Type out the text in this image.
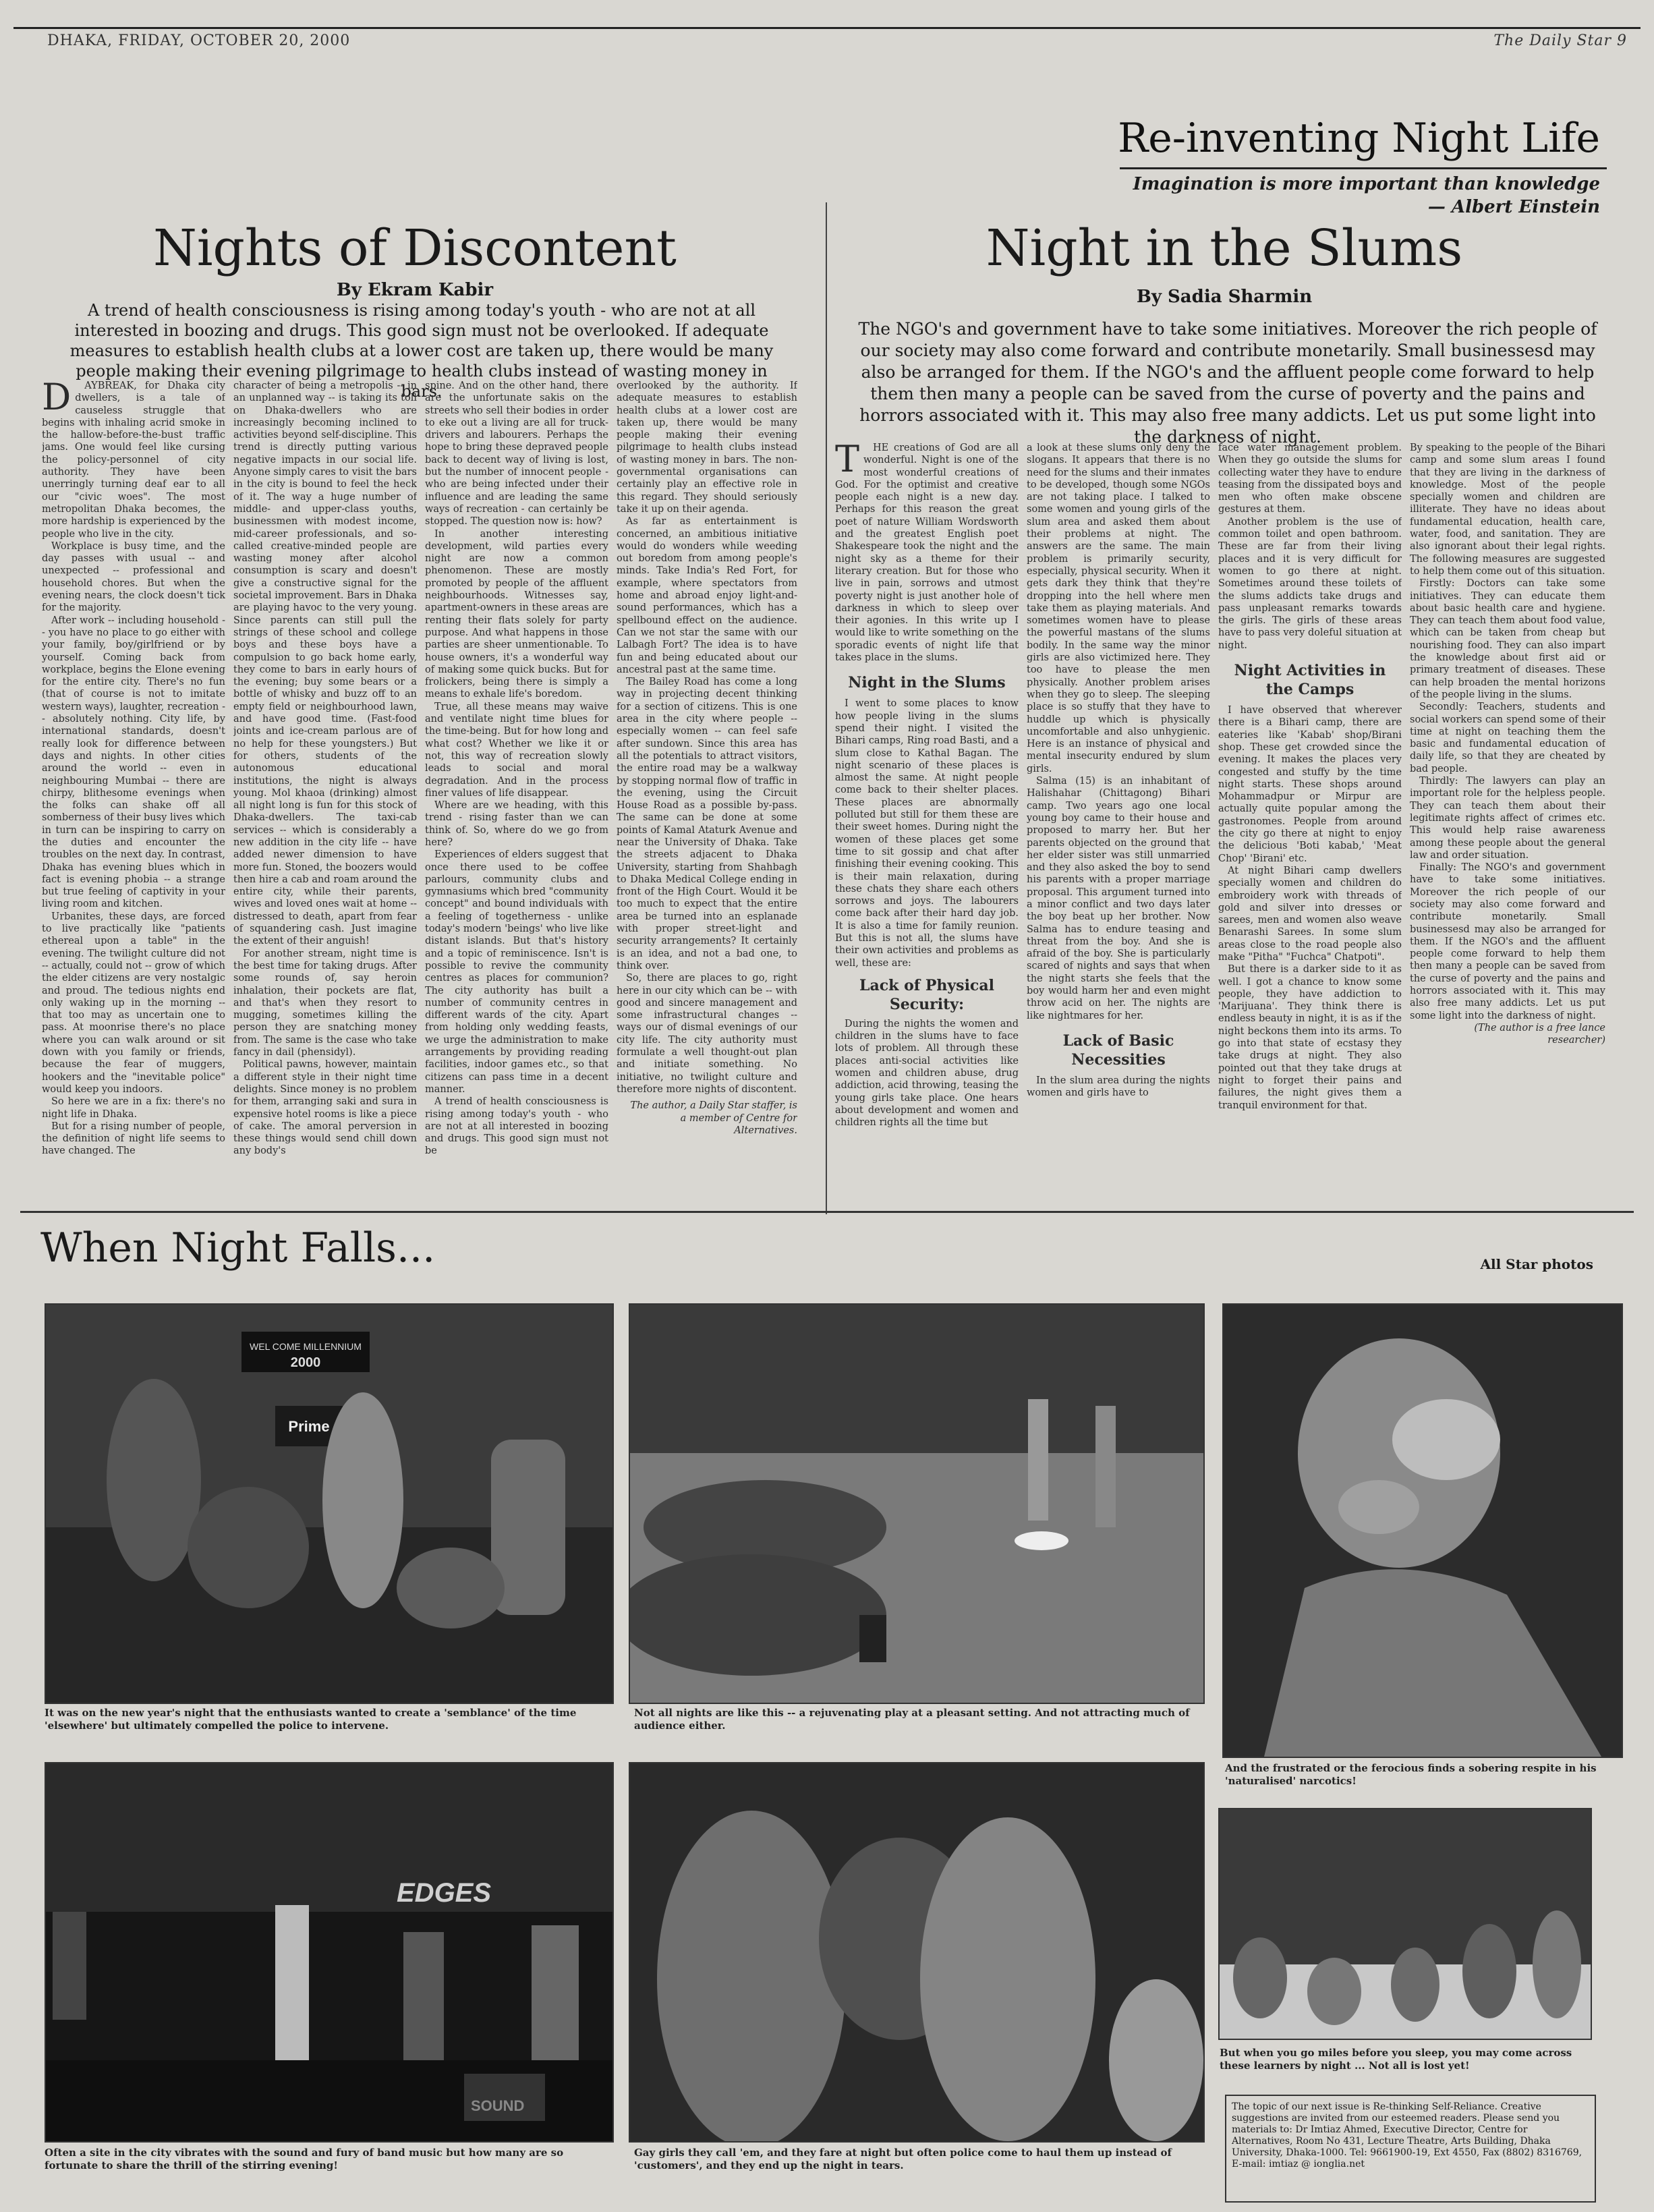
DHAKA, FRIDAY, OCTOBER 20, 2000	The Daily Star 9
Re-inventing Night Life
Imagination is more important than knowledge
— Albert Einstein
Nights of Discontent
By Ekram Kabir
A trend of health consciousness is rising among today's youth - who are not at all interested in boozing and drugs. This good sign must not be overlooked. If adequate measures to establish health clubs at a lower cost are taken up, there would be many people making their evening pilgrimage to health clubs instead of wasting money in bars.
D	AYBREAK, for Dhaka city dwellers, is a tale of causeless struggle that begins with inhaling acrid smoke in the hallow-before-the-bust traffic jams. One would feel like cursing the policy-personnel of city authority. They have been unerringly turning deaf ear to all our "civic woes". The most metropolitan Dhaka becomes, the more hardship is experienced by the people who live in the city.

Workplace is busy time, and the day passes with usual -- and unexpected -- professional and household chores. But when the evening nears, the clock doesn't tick for the majority.

After work -- including household -- you have no place to go either with your family, boy/girlfriend or by yourself. Coming back from workplace, begins the Elone evening for the entire city. There's no fun (that of course is not to imitate western ways), laughter, recreation -- absolutely nothing. City life, by international standards, doesn't really look for difference between days and nights. In other cities around the world -- even in neighbouring Mumbai -- there are chirpy, blithesome evenings when the folks can shake off all somberness of their busy lives which in turn can be inspiring to carry on the duties and encounter the troubles on the next day. In contrast, Dhaka has evening blues which in fact is evening phobia -- a strange but true feeling of captivity in your living room and kitchen.

Urbanites, these days, are forced to live practically like "patients ethereal upon a table" in the evening. The twilight culture did not -- actually, could not -- grow of which the elder citizens are very nostalgic and proud. The tedious nights end only waking up in the morning -- that too may as uncertain one to pass. At moonrise there's no place where you can walk around or sit down with you family or friends, because the fear of muggers, hookers and the "inevitable police" would keep you indoors.

So here we are in a fix: there's no night life in Dhaka.

But for a rising number of people, the definition of night life seems to have changed. The

character of being a metropolis -- in an unplanned way -- is taking its toll on Dhaka-dwellers who are increasingly becoming inclined to activities beyond self-discipline. This trend is directly putting various negative impacts in our social life. Anyone simply cares to visit the bars in the city is bound to feel the heck of it. The way a huge number of middle- and upper-class youths, businessmen with modest income, mid-career professionals, and so-called creative-minded people are wasting money after alcohol consumption is scary and doesn't give a constructive signal for the societal improvement. Bars in Dhaka are playing havoc to the very young. Since parents can still pull the strings of these school and college boys and these boys have a compulsion to go back home early, they come to bars in early hours of the evening; buy some bears or a bottle of whisky and buzz off to an empty field or neighbourhood lawn, and have good time. (Fast-food joints and ice-cream parlous are of no help for these youngsters.) But for others, students of the autonomous educational institutions, the night is always young. Mol khaoa (drinking) almost all night long is fun for this stock of Dhaka-dwellers. The taxi-cab services -- which is considerably a new addition in the city life -- have added newer dimension to have more fun. Stoned, the boozers would then hire a cab and roam around the entire city, while their parents, wives and loved ones wait at home -- distressed to death, apart from fear of squandering cash. Just imagine the extent of their anguish!

For another stream, night time is the best time for taking drugs. After some rounds of, say heroin inhalation, their pockets are flat, and that's when they resort to mugging, sometimes killing the person they are snatching money from. The same is the case who take fancy in dail (phensidyl).

Political pawns, however, maintain a different style in their night time delights. Since money is no problem for them, arranging saki and sura in expensive hotel rooms is like a piece of cake. The amoral perversion in these things would send chill down any body's

spine. And on the other hand, there are the unfortunate sakis on the streets who sell their bodies in order to eke out a living are all for truck-drivers and labourers. Perhaps the hope to bring these depraved people back to decent way of living is lost, but the number of innocent people - who are being infected under their influence and are leading the same ways of recreation - can certainly be stopped. The question now is: how?

In another interesting development, wild parties every night are now a common phenomenon. These are mostly promoted by people of the affluent neighbourhoods. Witnesses say, apartment-owners in these areas are renting their flats solely for party purpose. And what happens in those parties are sheer unmentionable. To house owners, it's a wonderful way of making some quick bucks. But for frolickers, being there is simply a means to exhale life's boredom.

True, all these means may waive and ventilate night time blues for the time-being. But for how long and what cost? Whether we like it or not, this way of recreation slowly leads to social and moral degradation. And in the process finer values of life disappear.

Where are we heading, with this trend - rising faster than we can think of. So, where do we go from here?

Experiences of elders suggest that once there used to be coffee parlours, community clubs and gymnasiums which bred "community concept" and bound individuals with a feeling of togetherness - unlike today's modern 'beings' who live like distant islands. But that's history and a topic of reminiscence. Isn't is possible to revive the community centres as places for communion? The city authority has built a number of community centres in different wards of the city. Apart from holding only wedding feasts, we urge the administration to make arrangements by providing reading facilities, indoor games etc., so that citizens can pass time in a decent manner.

A trend of health consciousness is rising among today's youth - who are not at all interested in boozing and drugs. This good sign must not be

overlooked by the authority. If adequate measures to establish health clubs at a lower cost are taken up, there would be many people making their evening pilgrimage to health clubs instead of wasting money in bars. The non-governmental organisations can certainly play an effective role in this regard. They should seriously take it up on their agenda.

As far as entertainment is concerned, an ambitious initiative would do wonders while weeding out boredom from among people's minds. Take India's Red Fort, for example, where spectators from home and abroad enjoy light-and-sound performances, which has a spellbound effect on the audience. Can we not star the same with our Lalbagh Fort? The idea is to have fun and being educated about our ancestral past at the same time.

The Bailey Road has come a long way in projecting decent thinking for a section of citizens. This is one area in the city where people -- especially women -- can feel safe after sundown. Since this area has all the potentials to attract visitors, the entire road may be a walkway by stopping normal flow of traffic in the evening, using the Circuit House Road as a possible by-pass. The same can be done at some points of Kamal Ataturk Avenue and near the University of Dhaka. Take the streets adjacent to Dhaka University, starting from Shahbagh to Dhaka Medical College ending in front of the High Court. Would it be too much to expect that the entire area be turned into an esplanade with proper street-light and security arrangements? It certainly is an idea, and not a bad one, to think over.

So, there are places to go, right here in our city which can be -- with good and sincere management and some infrastructural changes -- ways our of dismal evenings of our city life. The city authority must formulate a well thought-out plan and initiate something. No initiative, no twilight culture and therefore more nights of discontent.

The author, a Daily Star staffer, is a member of Centre for Alternatives.

Night in the Slums
By Sadia Sharmin
The NGO's and government have to take some initiatives. Moreover the rich people of our society may also come forward and contribute monetarily. Small businessesd may also be arranged for them. If the NGO's and the affluent people come forward to help them then many a people can be saved from the curse of poverty and the pains and horrors associated with it. This may also free many addicts. Let us put some light into the darkness of night.
T	HE creations of God are all wonderful. Night is one of the most wonderful creations of God. For the optimist and creative people each night is a new day. Perhaps for this reason the great poet of nature William Wordsworth and the greatest English poet Shakespeare took the night and the night sky as a theme for their literary creation. But for those who live in pain, sorrows and utmost poverty night is just another hole of darkness in which to sleep over their agonies. In this write up I would like to write something on the sporadic events of night life that takes place in the slums.

Night in the Slums

I went to some places to know how people living in the slums spend their night. I visited the Bihari camps, Ring road Basti, and a slum close to Kathal Bagan. The night scenario of these places is almost the same. At night people come back to their shelter places. These places are abnormally polluted but still for them these are their sweet homes. During night the women of these places get some time to sit gossip and chat after finishing their evening cooking. This is their main relaxation, during these chats they share each others sorrows and joys. The labourers come back after their hard day job. It is also a time for family reunion. But this is not all, the slums have their own activities and problems as well, these are:

Lack of Physical Security:

During the nights the women and children in the slums have to face lots of problem. All through these places anti-social activities like women and children abuse, drug addiction, acid throwing, teasing the young girls take place. One hears about development and women and children rights all the time but

a look at these slums only deny the slogans. It appears that there is no need for the slums and their inmates to be developed, though some NGOs are not taking place. I talked to some women and young girls of the slum area and asked them about their problems at night. The answers are the same. The main problem is primarily security, especially, physical security. When it gets dark they think that they're dropping into the hell where men take them as playing materials. And sometimes women have to please the powerful mastans of the slums bodily. In the same way the minor girls are also victimized here. They too have to please the men physically. Another problem arises when they go to sleep. The sleeping place is so stuffy that they have to huddle up which is physically uncomfortable and also unhygienic. Here is an instance of physical and mental insecurity endured by slum girls.

Salma (15) is an inhabitant of Halishahar (Chittagong) Bihari camp. Two years ago one local young boy came to their house and proposed to marry her. But her parents objected on the ground that her elder sister was still unmarried and they also asked the boy to send his parents with a proper marriage proposal. This argument turned into a minor conflict and two days later the boy beat up her brother. Now Salma has to endure teasing and threat from the boy. And she is afraid of the boy. She is particularly scared of nights and says that when the night starts she feels that the boy would harm her and even might throw acid on her. The nights are like nightmares for her.

Lack of Basic Necessities

In the slum area during the nights women and girls have to

face water management problem. When they go outside the slums for collecting water they have to endure teasing from the dissipated boys and men who often make obscene gestures at them.

Another problem is the use of common toilet and open bathroom. These are far from their living places and it is very difficult for women to go there at night. Sometimes around these toilets of the slums addicts take drugs and pass unpleasant remarks towards the girls. The girls of these areas have to pass very doleful situation at night.

Night Activities in the Camps

I have observed that wherever there is a Bihari camp, there are eateries like 'Kabab' shop/Birani shop. These get crowded since the evening. It makes the places very congested and stuffy by the time night starts. These shops around Mohammadpur or Mirpur are actually quite popular among the gastronomes. People from around the city go there at night to enjoy the delicious 'Boti kabab,' 'Meat Chop' 'Birani' etc.

At night Bihari camp dwellers specially women and children do embroidery work with threads of gold and silver into dresses or sarees, men and women also weave Benarashi Sarees. In some slum areas close to the road people also make "Pitha" "Fuchca" Chatpoti".

But there is a darker side to it as well. I got a chance to know some people, they have addiction to 'Marijuana'. They think there is endless beauty in night, it is as if the night beckons them into its arms. To go into that state of ecstasy they take drugs at night. They also pointed out that they take drugs at night to forget their pains and failures, the night gives them a tranquil environment for that.

By speaking to the people of the Bihari camp and some slum areas I found that they are living in the darkness of knowledge. Most of the people specially women and children are illiterate. They have no ideas about fundamental education, health care, water, food, and sanitation. They are also ignorant about their legal rights. The following measures are suggested to help them come out of this situation.

Firstly: Doctors can take some initiatives. They can educate them about basic health care and hygiene. They can teach them about food value, which can be taken from cheap but nourishing food. They can also impart the knowledge about first aid or primary treatment of diseases. These can help broaden the mental horizons of the people living in the slums.

Secondly: Teachers, students and social workers can spend some of their time at night on teaching them the basic and fundamental education of daily life, so that they are cheated by bad people.

Thirdly: The lawyers can play an important role for the helpless people. They can teach them about their legitimate rights affect of crimes etc. This would help raise awareness among these people about the general law and order situation.

Finally: The NGO's and government have to take some initiatives. Moreover the rich people of our society may also come forward and contribute monetarily. Small businessesd may also be arranged for them. If the NGO's and the affluent people come forward to help them then many a people can be saved from the curse of poverty and the pains and horrors associated with it. This may also free many addicts. Let us put some light into the darkness of night.

(The author is a free lance researcher)

When Night Falls...	All Star photos
WEL COME MILLENNIUM
2000
Prime
It was on the new year's night that the enthusiasts wanted to create a 'semblance' of the time 'elsewhere' but ultimately compelled the police to intervene.
Not all nights are like this -- a rejuvenating play at a pleasant setting. And not attracting much of audience either.
And the frustrated or the ferocious finds a sobering respite in his 'naturalised' narcotics!
EDGES
SOUND
Often a site in the city vibrates with the sound and fury of band music but how many are so fortunate to share the thrill of the stirring evening!
Gay girls they call 'em, and they fare at night but often police come to haul them up instead of 'customers', and they end up the night in tears.
But when you go miles before you sleep, you may come across these learners by night ... Not all is lost yet!
The topic of our next issue is Re-thinking Self-Reliance. Creative suggestions are invited from our esteemed readers. Please send you materials to: Dr Imtiaz Ahmed, Executive Director, Centre for Alternatives, Room No 431, Lecture Theatre, Arts Building, Dhaka University, Dhaka-1000. Tel: 9661900-19, Ext 4550, Fax (8802) 8316769, E-mail: imtiaz @ ionglia.net
